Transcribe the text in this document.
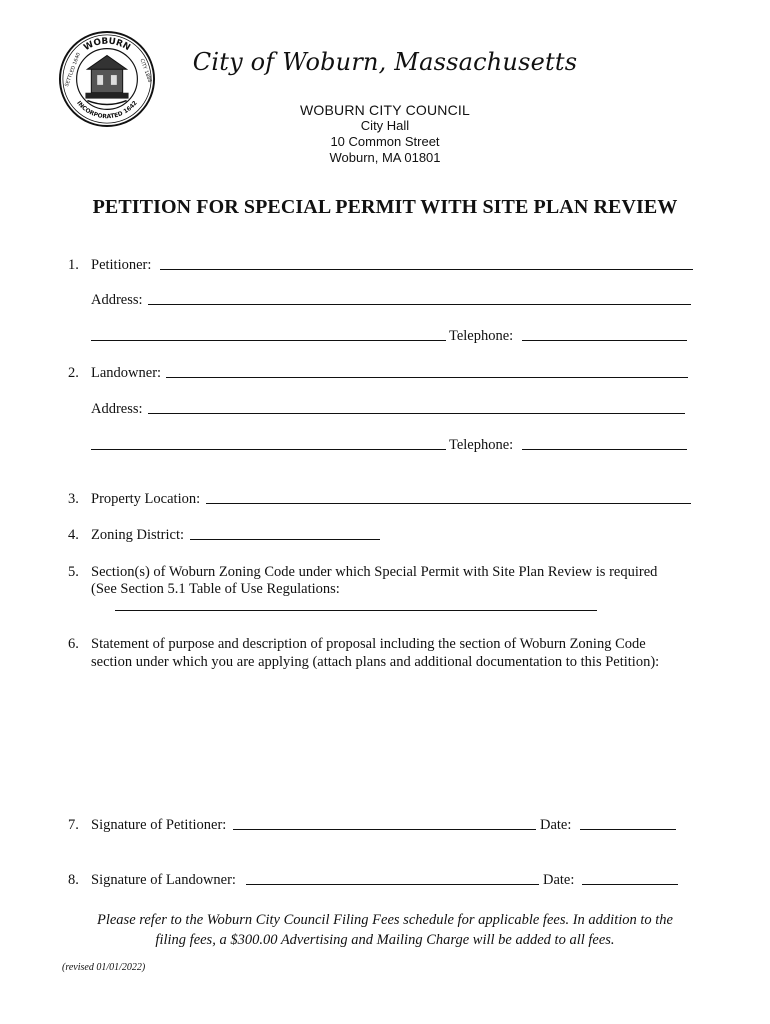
WOBURN
INCORPORATED 1642
SETTLED 1640	CITY 1888	City of Woburn, Massachusetts
WOBURN CITY COUNCIL
City Hall
10 Common Street
Woburn, MA 01801
PETITION FOR SPECIAL PERMIT WITH SITE PLAN REVIEW
1. Petitioner:
Address:
Telephone:
2. Landowner:
Address:
Telephone:
3. Property Location:
4. Zoning District:
5. Section(s) of Woburn Zoning Code under which Special Permit with Site Plan Review is required
(See Section 5.1 Table of Use Regulations:
6. Statement of purpose and description of proposal including the section of Woburn Zoning Code
section under which you are applying (attach plans and additional documentation to this Petition):
7. Signature of Petitioner:	Date:
8. Signature of Landowner:	Date:
Please refer to the Woburn City Council Filing Fees schedule for applicable fees. In addition to the
filing fees, a $300.00 Advertising and Mailing Charge will be added to all fees.
(revised 01/01/2022)
